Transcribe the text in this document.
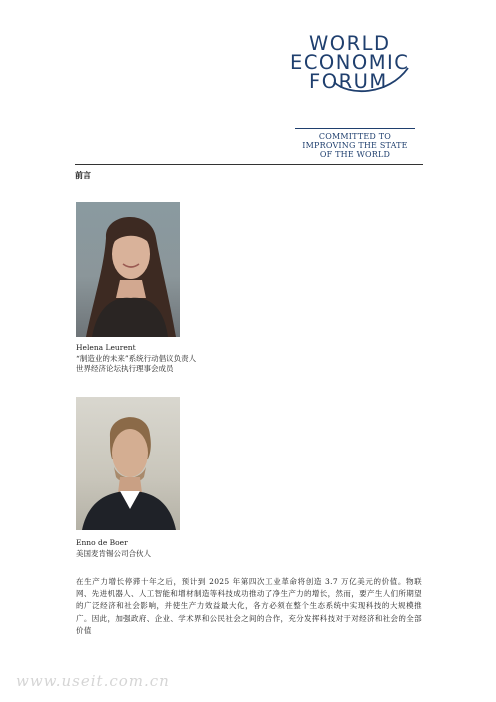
WORLD
ECONOMIC
FORUM
COMMITTED TO
IMPROVING THE STATE
OF THE WORLD
前言
Helena Leurent
“制造业的未来”系统行动倡议负责人
世界经济论坛执行理事会成员
Enno de Boer
美国麦肯锡公司合伙人
在生产力增长停滞十年之后，预计到 2025 年第四次工业革命将创造 3.7 万亿美元的价值。物联网、先进机器人、人工智能和增材制造等科技成功推动了净生产力的增长，然而，要产生人们所期望的广泛经济和社会影响，并使生产力效益最大化，各方必须在整个生态系统中实现科技的大规模推广。因此，加强政府、企业、学术界和公民社会之间的合作，充分发挥科技对于对经济和社会的全部价值
www.useit.com.cn
